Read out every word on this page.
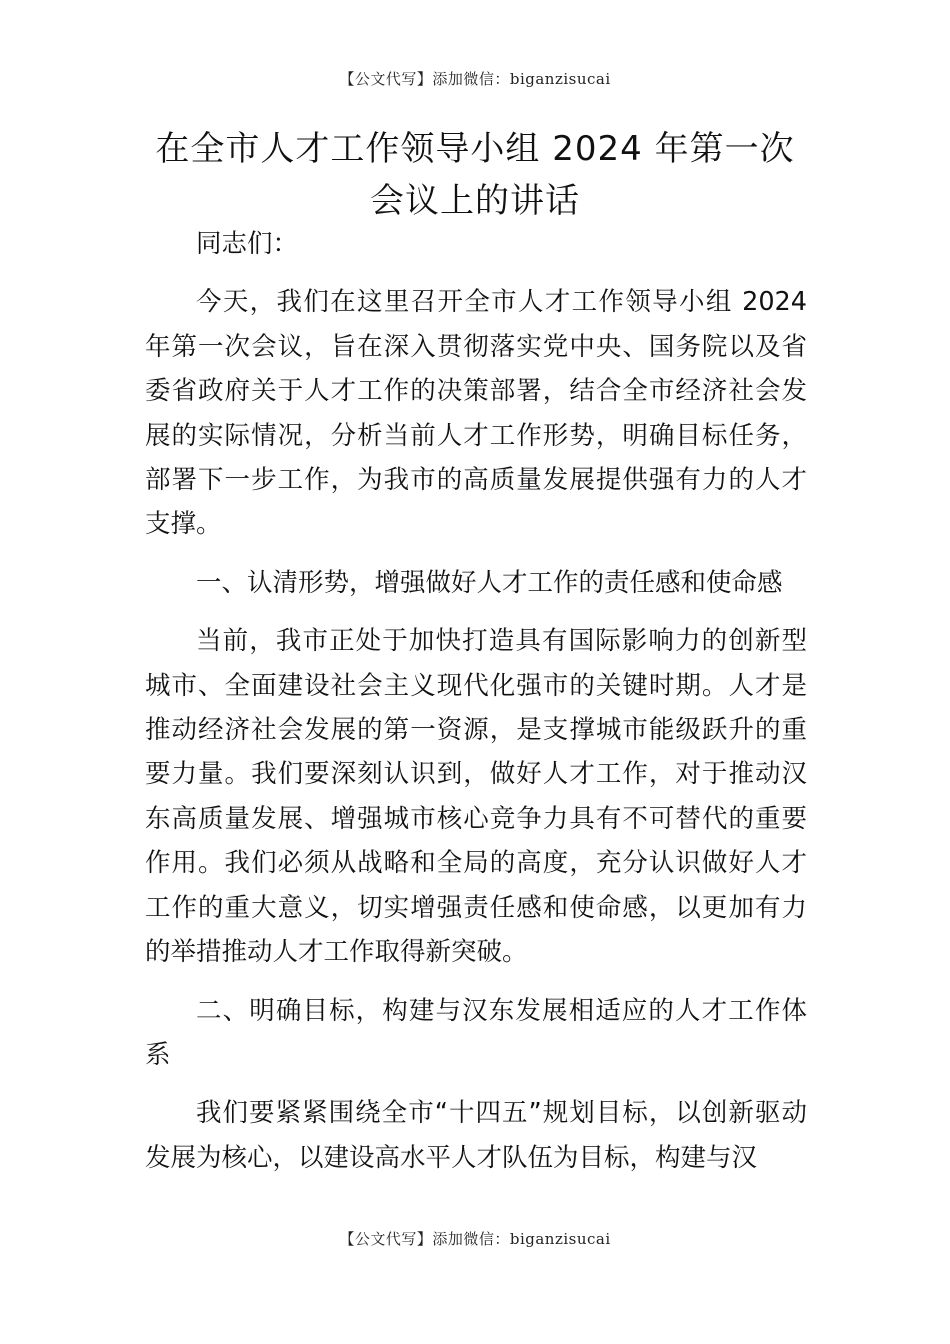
【公文代写】添加微信：biganzisucai
在全市人才工作领导小组 2024 年第一次会议上的讲话

同志们：

今天，我们在这里召开全市人才工作领导小组 2024 年第一次会议，旨在深入贯彻落实党中央、国务院以及省委省政府关于人才工作的决策部署，结合全市经济社会发展的实际情况，分析当前人才工作形势，明确目标任务，部署下一步工作，为我市的高质量发展提供强有力的人才支撑。

一、认清形势，增强做好人才工作的责任感和使命感

当前，我市正处于加快打造具有国际影响力的创新型城市、全面建设社会主义现代化强市的关键时期。人才是推动经济社会发展的第一资源，是支撑城市能级跃升的重要力量。我们要深刻认识到，做好人才工作，对于推动汉东高质量发展、增强城市核心竞争力具有不可替代的重要作用。我们必须从战略和全局的高度，充分认识做好人才工作的重大意义，切实增强责任感和使命感，以更加有力的举措推动人才工作取得新突破。

二、明确目标，构建与汉东发展相适应的人才工作体系

我们要紧紧围绕全市“十四五”规划目标，以创新驱动发展为核心，以建设高水平人才队伍为目标，构建与汉

【公文代写】添加微信：biganzisucai
